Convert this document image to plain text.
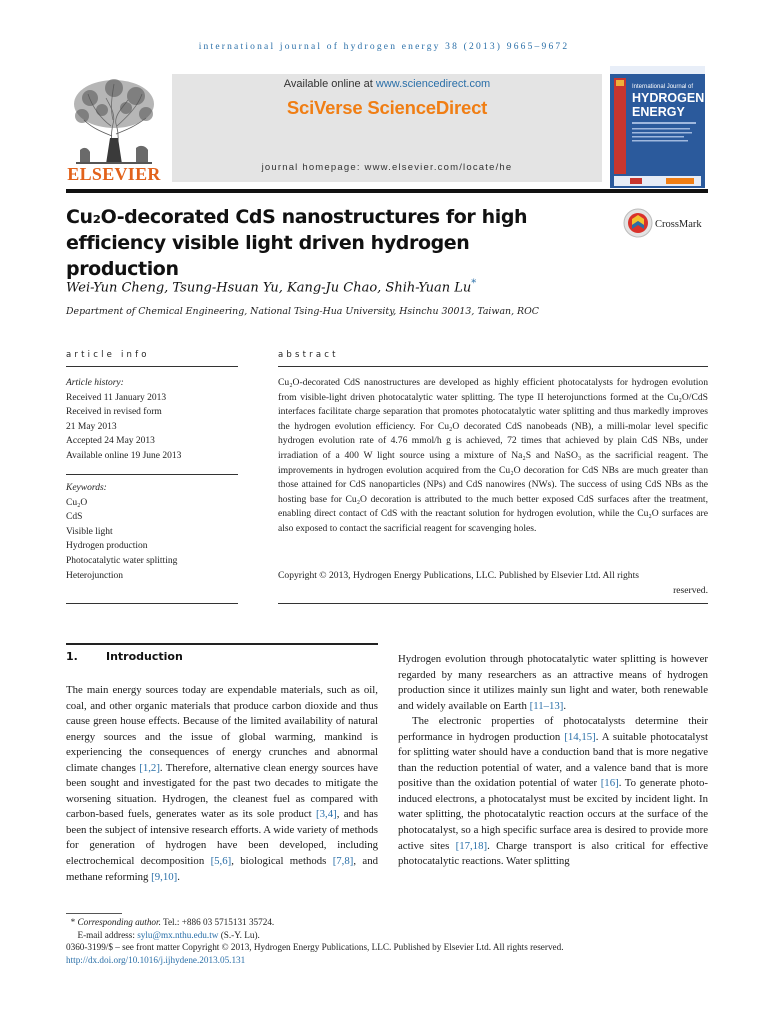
international journal of hydrogen energy 38 (2013) 9665–9672
ELSEVIER
Available online at www.sciencedirect.com
SciVerse ScienceDirect
journal homepage: www.elsevier.com/locate/he
International Journal of
HYDROGEN
ENERGY
Cu₂O-decorated CdS nanostructures for high
efficiency visible light driven hydrogen production
CrossMark
Wei-Yun Cheng, Tsung-Hsuan Yu, Kang-Ju Chao, Shih-Yuan Lu*
Department of Chemical Engineering, National Tsing-Hua University, Hsinchu 30013, Taiwan, ROC
article info	abstract
Article history:
Received 11 January 2013
Received in revised form
21 May 2013
Accepted 24 May 2013
Available online 19 June 2013
Keywords:
Cu₂O
CdS
Visible light
Hydrogen production
Photocatalytic water splitting
Heterojunction
Cu₂O-decorated CdS nanostructures are developed as highly efficient photocatalysts for hydrogen evolution from visible-light driven photocatalytic water splitting. The type II heterojunctions formed at the Cu₂O/CdS interfaces facilitate charge separation that promotes photocatalytic water splitting and thus markedly improves the hydrogen evolution efficiency. For Cu₂O decorated CdS nanobeads (NB), a milli-molar level specific hydrogen evolution rate of 4.76 mmol/h g is achieved, 72 times that achieved by plain CdS NBs, under irradiation of a 400 W light source using a mixture of Na₂S and NaSO₃ as the sacrificial reagent. The improvements in hydrogen evolution acquired from the Cu₂O decoration for CdS NBs are much greater than those attained for CdS nanoparticles (NPs) and CdS nanowires (NWs). The success of using CdS NBs as the hosting base for Cu₂O decoration is attributed to the much better exposed CdS surfaces after the treatment, enabling direct contact of CdS with the reactant solution for hydrogen evolution, while the Cu₂O surfaces are also exposed to contact the sacrificial reagent for scavenging holes.
Copyright © 2013, Hydrogen Energy Publications, LLC. Published by Elsevier Ltd. All rights
reserved.
1.	Introduction

The main energy sources today are expendable materials, such as oil, coal, and other organic materials that produce carbon dioxide and thus cause green house effects. Because of the limited availability of natural energy sources and the issue of global warming, mankind is experiencing the consequences of energy crunches and abnormal climate changes [1,2]. Therefore, alternative clean energy sources have been sought and investigated for the past two decades to mitigate the worsening situation. Hydrogen, the cleanest fuel as compared with carbon-based fuels, generates water as its sole product [3,4], and has been the subject of intensive research efforts. A wide variety of methods for generation of hydrogen have been developed, including electrochemical decomposition [5,6], biological methods [7,8], and methane reforming [9,10].

Hydrogen evolution through photocatalytic water splitting is however regarded by many researchers as an attractive means of hydrogen production since it utilizes mainly sun light and water, both renewable and widely available on Earth [11–13].

The electronic properties of photocatalysts determine their performance in hydrogen production [14,15]. A suitable photocatalyst for splitting water should have a conduction band that is more negative than the reduction potential of water, and a valence band that is more positive than the oxidation potential of water [16]. To generate photo-induced electrons, a photocatalyst must be excited by incident light. In water splitting, the photocatalytic reaction occurs at the surface of the photocatalyst, so a high specific surface area is desired to provide more active sites [17,18]. Charge transport is also critical for effective photocatalytic reactions. Water splitting

* Corresponding author. Tel.: +886 03 5715131 35724.
E-mail address: sylu@mx.nthu.edu.tw (S.-Y. Lu).
0360-3199/$ – see front matter Copyright © 2013, Hydrogen Energy Publications, LLC. Published by Elsevier Ltd. All rights reserved.
http://dx.doi.org/10.1016/j.ijhydene.2013.05.131
